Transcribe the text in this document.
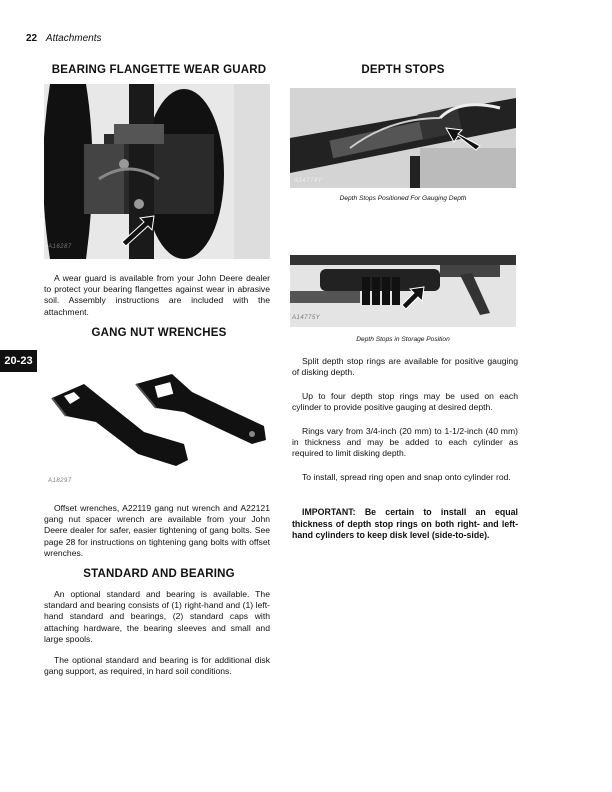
22 Attachments
20-23
BEARING FLANGETTE WEAR GUARD
A16287

A wear guard is available from your John Deere dealer to protect your bearing flangettes against wear in abrasive soil. Assembly instructions are included with the attachment.

GANG NUT WRENCHES
A18297

Offset wrenches, A22119 gang nut wrench and A22121 gang nut spacer wrench are available from your John Deere dealer for safer, easier tightening of gang bolts. See page 28 for instructions on tightening gang bolts with offset wrenches.

STANDARD AND BEARING

An optional standard and bearing is available. The standard and bearing consists of (1) right-hand and (1) left-hand standard and bearings, (2) standard caps with attaching hardware, the bearing sleeves and small and large spools.

The optional standard and bearing is for additional disk gang support, as required, in hard soil conditions.

DEPTH STOPS
A14774Y
Depth Stops Positioned For Gauging Depth
A14775Y
Depth Stops in Storage Position

Split depth stop rings are available for positive gauging of disking depth.

Up to four depth stop rings may be used on each cylinder to provide positive gauging at desired depth.

Rings vary from 3/4-inch (20 mm) to 1-1/2-inch (40 mm) in thickness and may be added to each cylinder as required to limit disking depth.

To install, spread ring open and snap onto cylinder rod.

IMPORTANT: Be certain to install an equal thickness of depth stop rings on both right- and left-hand cylinders to keep disk level (side-to-side).
